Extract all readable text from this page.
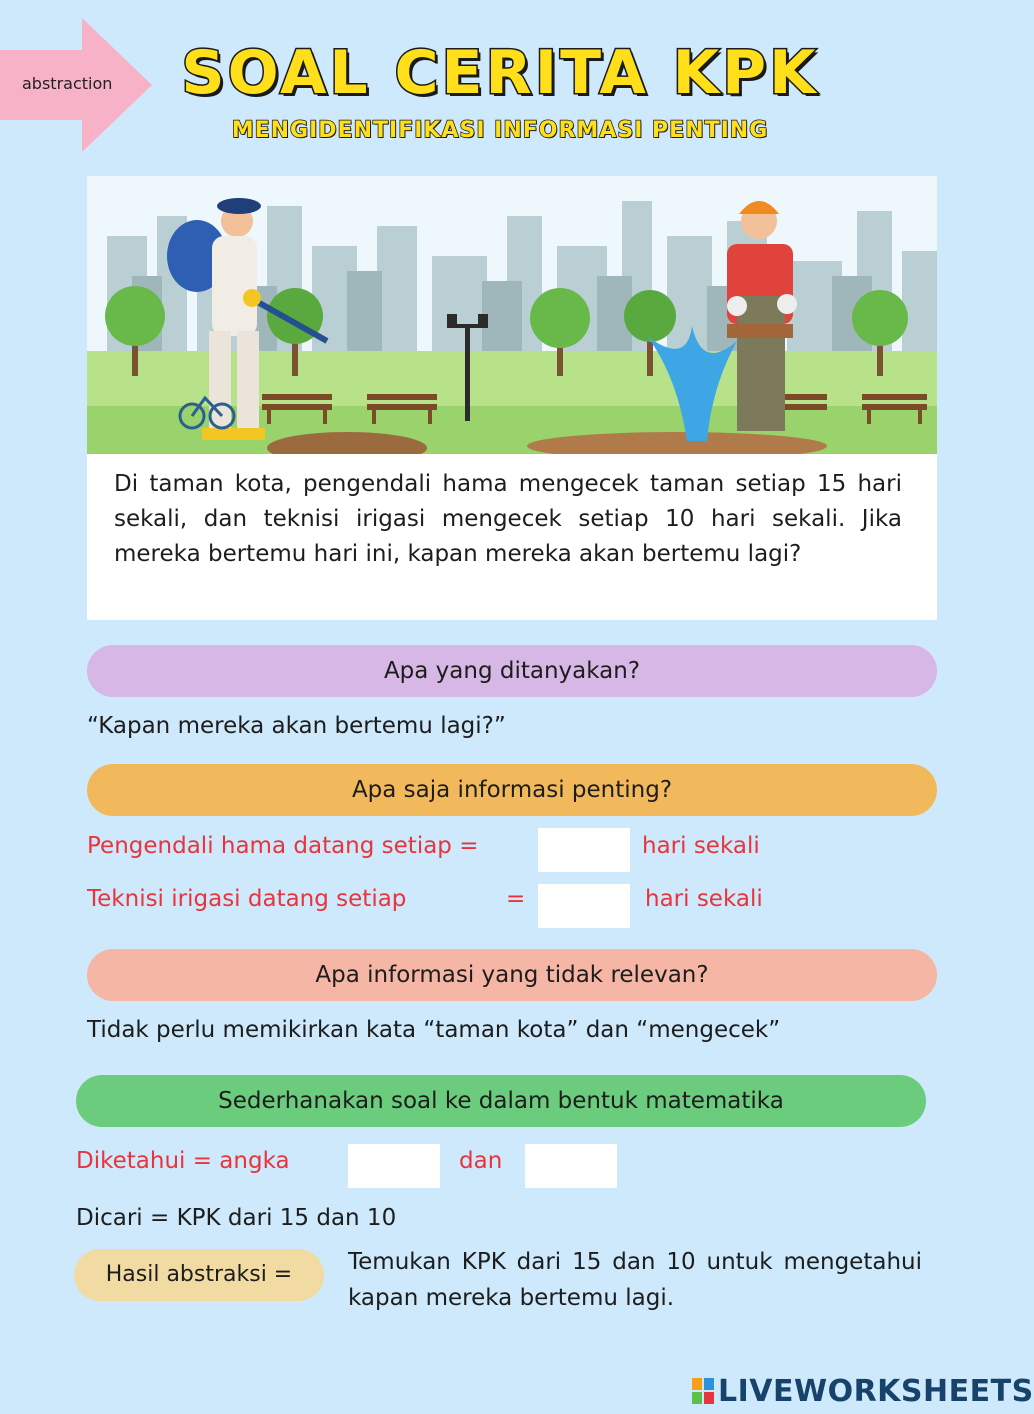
abstraction	SOAL CERITA KPK
MENGIDENTIFIKASI INFORMASI PENTING
Di taman kota, pengendali hama mengecek taman setiap 15 hari sekali, dan teknisi irigasi mengecek setiap 10 hari sekali. Jika mereka bertemu hari ini, kapan mereka akan bertemu lagi?
Apa yang ditanyakan?
“Kapan mereka akan bertemu lagi?”
Apa saja informasi penting?
Pengendali hama datang setiap =	hari sekali
Teknisi irigasi datang setiap	=	hari sekali
Apa informasi yang tidak relevan?
Tidak perlu memikirkan kata “taman kota” dan “mengecek”
Sederhanakan soal ke dalam bentuk matematika
Diketahui = angka	dan
Dicari = KPK dari 15 dan 10
Hasil abstraksi =	Temukan KPK dari 15 dan 10 untuk mengetahui kapan mereka bertemu lagi.
LIVEWORKSHEETS
